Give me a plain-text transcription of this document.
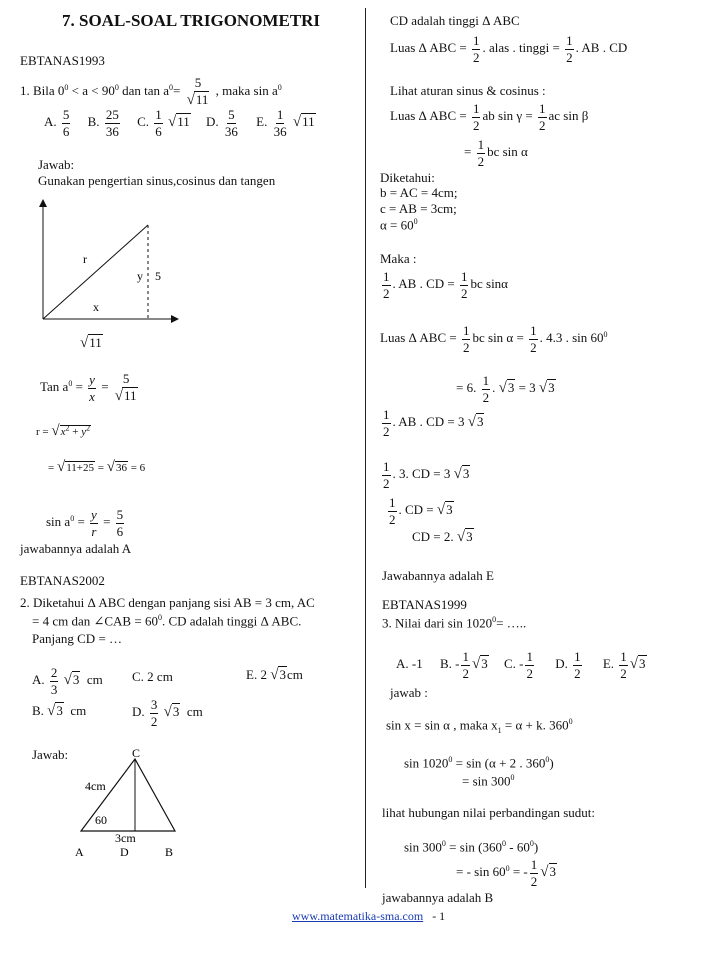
7. SOAL-SOAL TRIGONOMETRI
EBTANAS1993
1. Bila $0^0 < a < 90^0$ dan $\tan a^0= \frac{5}{√11}$ , maka $\sin a^0$
A. $\frac{5}{6} B$. $\frac{25}{36} C$. $\frac{1}{6} √11$ D. $\frac{5}{36} E$. $\frac{1}{36} √11$
Jawab:
Gunakan pengertian sinus,cosinus dan tangen
r
y 5
x
√11
Tan $a^0 = \frac{y}{x} = \frac{5}{√11}$
$r = √x^2 + y^2$
= √11+25 = √36 = 6
$\sin a^0 = \frac{y}{r} = \frac{5}{6}$
jawabannya adalah A
EBTANAS2002
2. Diketahui Δ ABC dengan panjang sisi AB = 3 cm, AC
= 4 cm dan ∠CAB = $60^0$. CD adalah tinggi Δ ABC.
Panjang CD = …
A. $\frac{2}{3} √3$ cm C. 2 cm	E. 2 √3cm
B. √3 cm	D. $\frac{3}{2} √3$ cm
Jawab:	C
A	D	B
4cm
60
3cm
CD adalah tinggi Δ ABC
Luas Δ ABC = $\frac{1}{2}$ . alas . tinggi = $\frac{1}{2}$ . AB . CD
Lihat aturan sinus & cosinus :
Luas Δ ABC = $\frac{1}{2}$ ab $\sin \gamma = \frac{1}{2}$ ac sin β
= $\frac{1}{2}$ bc sin α
Diketahui:
b = AC = 4cm;
c = AB = 3cm;
$\alpha = 60^0$
Maka :
$\frac{1}{2}$ . AB . CD = $\frac{1}{2}$ bc sinα
Luas Δ ABC = $\frac{1}{2}$ bc $\sin \alpha = \frac{1}{2}$ . 4.3 . $\sin 60^0$
= 6. $\frac{1}{2}$ . √3 = 3 √3
$\frac{1}{2}$ . AB . CD = 3 √3
$\frac{1}{2}$ . 3. CD = 3 √3
$\frac{1}{2}$ . CD = √3
CD = 2. √3
Jawabannya adalah E
EBTANAS1999
3. Nilai dari $\sin 1020^0=$ …..
A. -1 B. - $\frac{1}{2} √3$ C. - $\frac{1}{2} D$. $\frac{1}{2} E$. $\frac{1}{2} √3$
jawab :
sin x = sin α , maka $x_1 = \alpha + k$. $360^0$
$\sin 1020^0 = \sin (\alpha + 2$ . $360^0$)
= $\sin 300^0$
lihat hubungan nilai perbandingan sudut:
$\sin 300^0 = \sin (360^0 - 60^0)$
= - $\sin 60^0$ = - $\frac{1}{2} √3$
jawabannya adalah B
www.matematika-sma.com - 1
